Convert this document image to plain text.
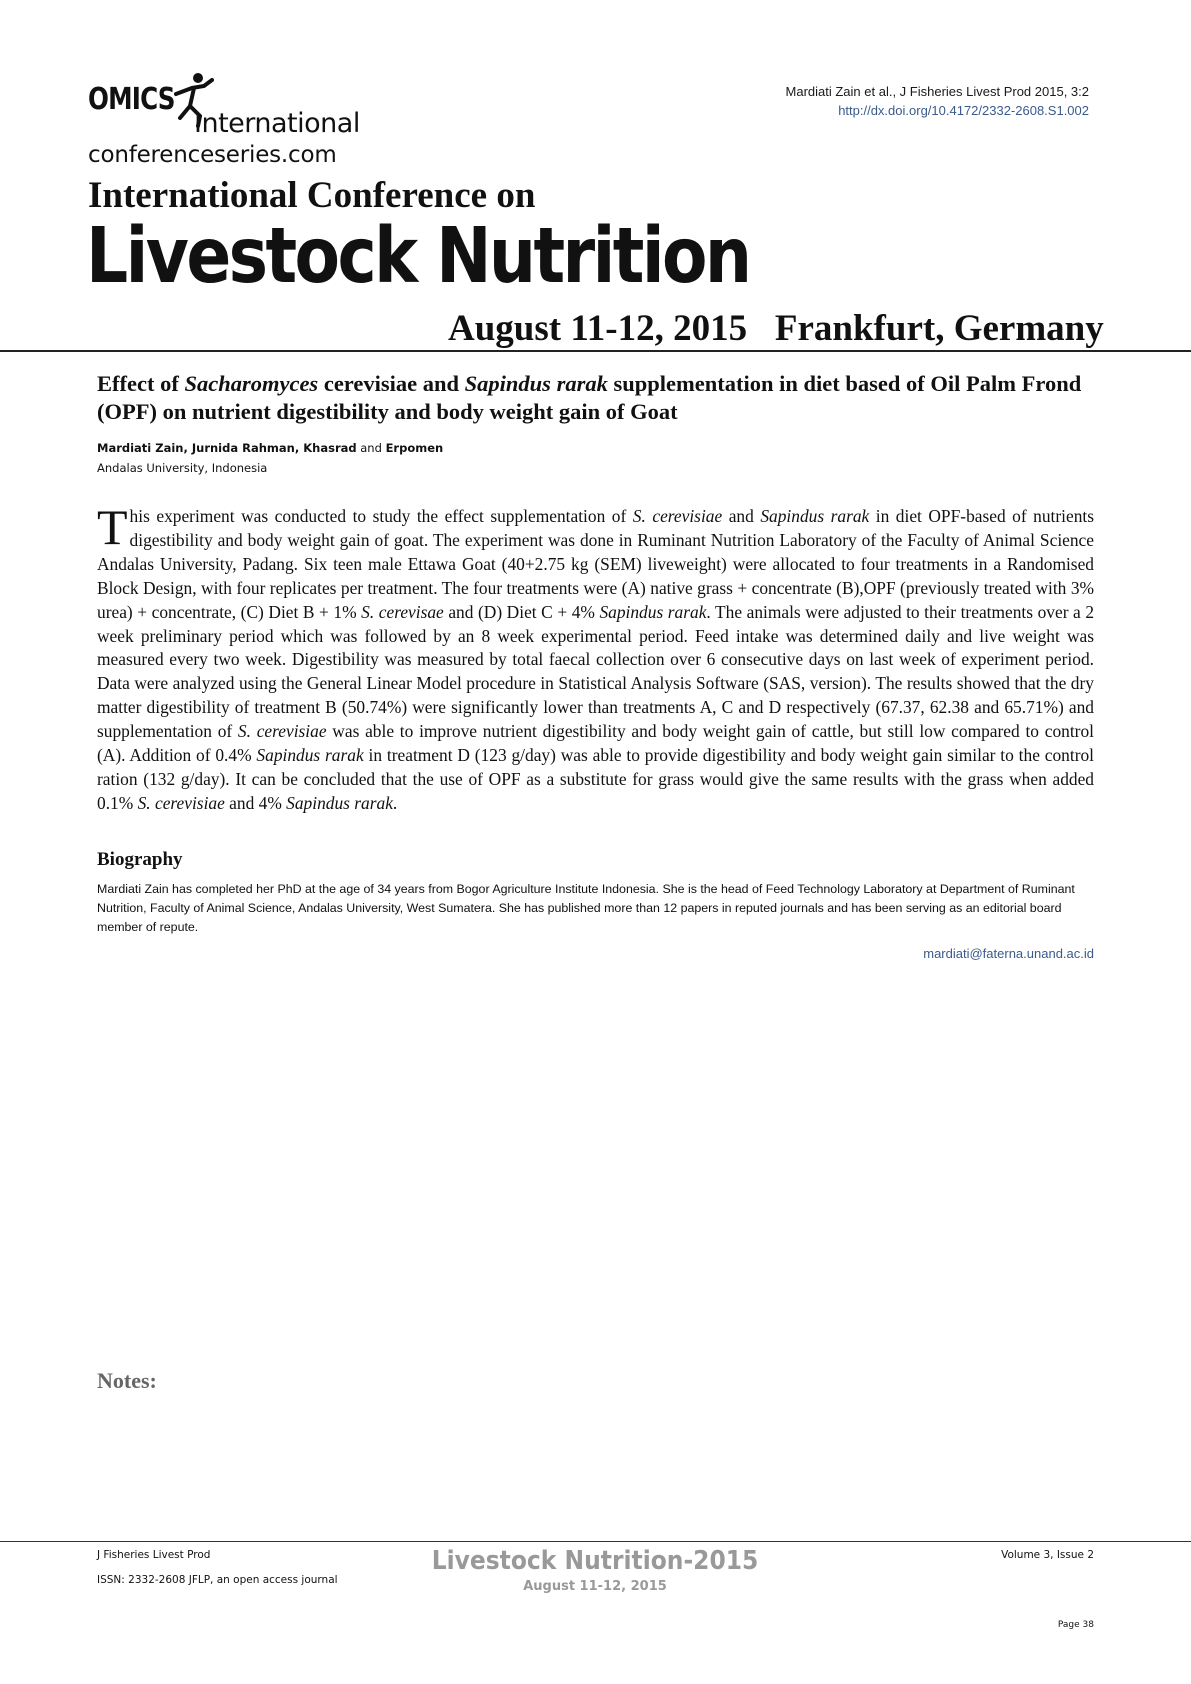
OMICS
International
conferenceseries.com
Mardiati Zain et al., J Fisheries Livest Prod 2015, 3:2
http://dx.doi.org/10.4172/2332-2608.S1.002
International Conference on
Livestock Nutrition
August 11-12, 2015   Frankfurt, Germany
Effect of Sacharomyces cerevisiae and Sapindus rarak supplementation in diet based of Oil Palm Frond (OPF) on nutrient digestibility and body weight gain of Goat
Mardiati Zain, Jurnida Rahman, Khasrad and Erpomen
Andalas University, Indonesia

This experiment was conducted to study the effect supplementation of S. cerevisiae and Sapindus rarak in diet OPF-based of nutrients digestibility and body weight gain of goat. The experiment was done in Ruminant Nutrition Laboratory of the Faculty of Animal Science Andalas University, Padang. Six teen male Ettawa Goat (40+2.75 kg (SEM) liveweight) were allocated to four treatments in a Randomised Block Design, with four replicates per treatment. The four treatments were (A) native grass + concentrate (B),OPF (previously treated with 3% urea) + concentrate, (C) Diet B + 1% S. cerevisae and (D) Diet C + 4% Sapindus rarak. The animals were adjusted to their treatments over a 2 week preliminary period which was followed by an 8 week experimental period. Feed intake was determined daily and live weight was measured every two week. Digestibility was measured by total faecal collection over 6 consecutive days on last week of experiment period. Data were analyzed using the General Linear Model procedure in Statistical Analysis Software (SAS, version). The results showed that the dry matter digestibility of treatment B (50.74%) were significantly lower than treatments A, C and D respectively (67.37, 62.38 and 65.71%) and supplementation of S. cerevisiae was able to improve nutrient digestibility and body weight gain of cattle, but still low compared to control (A). Addition of 0.4% Sapindus rarak in treatment D (123 g/day) was able to provide digestibility and body weight gain similar to the control ration (132 g/day). It can be concluded that the use of OPF as a substitute for grass would give the same results with the grass when added 0.1% S. cerevisiae and 4% Sapindus rarak.

Biography
Mardiati Zain has completed her PhD at the age of 34 years from Bogor Agriculture Institute Indonesia. She is the head of Feed Technology Laboratory at Department of Ruminant Nutrition, Faculty of Animal Science, Andalas University, West Sumatera. She has published more than 12 papers in reputed journals and has been serving as an editorial board member of repute.
mardiati@faterna.unand.ac.id
Notes:
J Fisheries Livest Prod
ISSN: 2332-2608 JFLP, an open access journal
Livestock Nutrition-2015
August 11-12, 2015
Volume 3, Issue 2
Page 38
